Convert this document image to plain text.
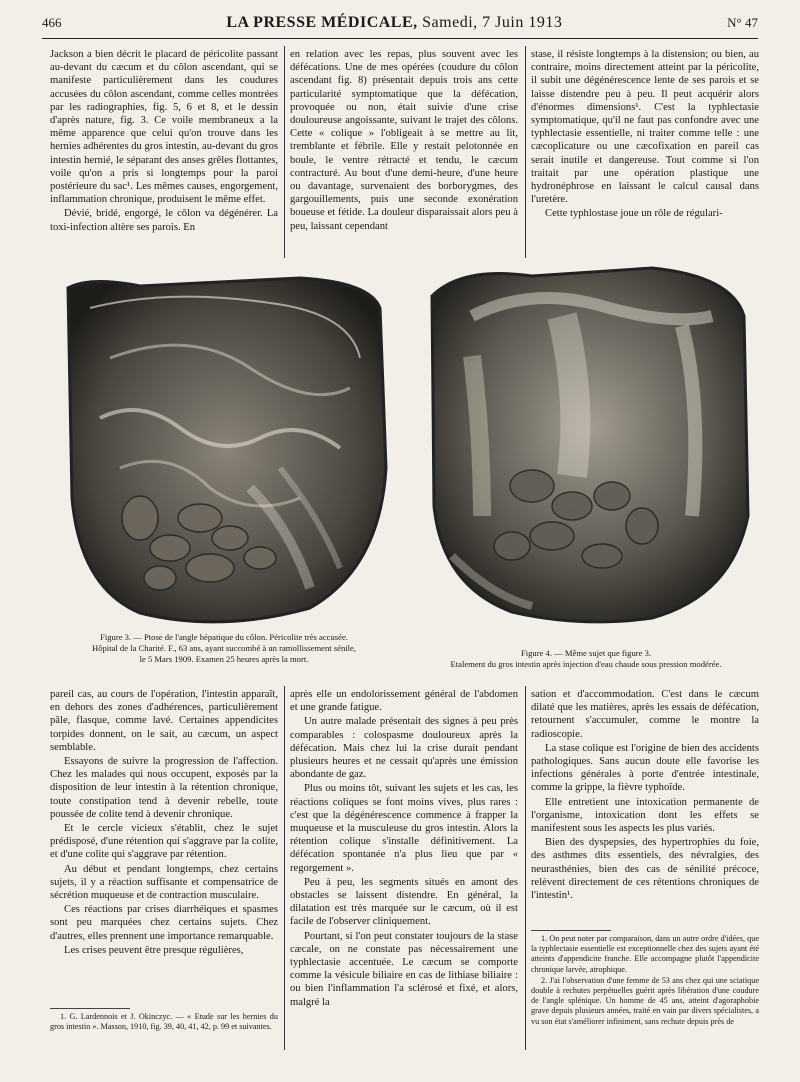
466	LA PRESSE MÉDICALE, Samedi, 7 Juin 1913	N° 47

Jackson a bien décrit le placard de péricolite passant au-devant du cæcum et du côlon ascendant, qui se manifeste particulièrement dans les coudures accusées du côlon ascendant, comme celles montrées par les radiographies, fig. 5, 6 et 8, et le dessin d'après nature, fig. 3. Ce voile membraneux a la même apparence que celui qu'on trouve dans les hernies adhérentes du gros intestin, au-devant du gros intestin hernié, le séparant des anses grêles flottantes, voile qu'on a pris si longtemps pour la paroi postérieure du sac¹. Les mêmes causes, engorgement, inflammation chronique, produisent le même effet.

Dévié, bridé, engorgé, le côlon va dégénérer. La toxi-infection altère ses parois. En

en relation avec les repas, plus souvent avec les défécations. Une de mes opérées (coudure du côlon ascendant fig. 8) présentait depuis trois ans cette particularité symptomatique que la défécation, provoquée ou non, était suivie d'une crise douloureuse angoissante, suivant le trajet des côlons. Cette « colique » l'obligeait à se mettre au lit, tremblante et fébrile. Elle y restait pelotonnée en boule, le ventre rétracté et tendu, le cæcum contracturé. Au bout d'une demi-heure, d'une heure ou davantage, survenaient des borborygmes, des gargouillements, puis une seconde exonération boueuse et fétide. La douleur disparaissait alors peu à peu, laissant cependant

stase, il résiste longtemps à la distension; ou bien, au contraire, moins directement atteint par la péricolite, il subit une dégénérescence lente de ses parois et se laisse distendre peu à peu. Il peut acquérir alors d'énormes dimensions¹. C'est la typhlectasie symptomatique, qu'il ne faut pas confondre avec une typhlectasie essentielle, ni traiter comme telle : une cæcoplicature ou une cæcofixation en pareil cas serait inutile et dangereuse. Tout comme si l'on traitait par une opération plastique une hydronéphrose en laissant le calcul causal dans l'uretère.

Cette typhlostase joue un rôle de régulari-

Figure 3. — Ptose de l'angle hépatique du côlon. Péricolite très accusée.
Hôpital de la Charité. F., 63 ans, ayant succombé à un ramollissement sénile,
le 5 Mars 1909. Examen 25 heures après la mort.
Figure 4. — Même sujet que figure 3.
Etalement du gros intestin après injection d'eau chaude sous pression modérée.

pareil cas, au cours de l'opération, l'intestin apparaît, en dehors des zones d'adhérences, particulièrement pâle, flasque, comme lavé. Certaines appendicites torpides donnent, on le sait, au cæcum, un aspect semblable.

Essayons de suivre la progression de l'affection. Chez les malades qui nous occupent, exposés par la disposition de leur intestin à la rétention chronique, toute constipation tend à devenir rebelle, toute poussée de colite tend à devenir chronique.

Et le cercle vicieux s'établit, chez le sujet prédisposé, d'une rétention qui s'aggrave par la colite, et d'une colite qui s'aggrave par rétention.

Au début et pendant longtemps, chez certains sujets, il y a réaction suffisante et compensatrice de sécrétion muqueuse et de contraction musculaire.

Ces réactions par crises diarrhéiques et spasmes sont peu marquées chez certains sujets. Chez d'autres, elles prennent une importance remarquable.

Les crises peuvent être presque régulières,

1. G. Lardennois et J. Okinczyc. — « Etude sur les hernies du gros intestin ». Masson, 1910, fig. 39, 40, 41, 42, p. 99 et suivantes.

après elle un endolorissement général de l'abdomen et une grande fatigue.

Un autre malade présentait des signes à peu près comparables : colospasme douloureux après la défécation. Mais chez lui la crise durait pendant plusieurs heures et ne cessait qu'après une émission abondante de gaz.

Plus ou moins tôt, suivant les sujets et les cas, les réactions coliques se font moins vives, plus rares : c'est que la dégénérescence commence à frapper la muqueuse et la musculeuse du gros intestin. Alors la rétention colique s'installe définitivement. La défécation spontanée n'a plus lieu que par « regorgement ».

Peu à peu, les segments situés en amont des obstacles se laissent distendre. En général, la dilatation est très marquée sur le cæcum, où il est facile de l'observer cliniquement.

Pourtant, si l'on peut constater toujours de la stase cæcale, on ne constate pas nécessairement une typhlectasie accentuée. Le cæcum se comporte comme la vésicule biliaire en cas de lithiase biliaire : ou bien l'inflammation l'a sclérosé et fixé, et alors, malgré la

sation et d'accommodation. C'est dans le cæcum dilaté que les matières, après les essais de défécation, retournent s'accumuler, comme le montre la radioscopie.

La stase colique est l'origine de bien des accidents pathologiques. Sans aucun doute elle favorise les infections générales à porte d'entrée intestinale, comme la grippe, la fièvre typhoïde.

Elle entretient une intoxication permanente de l'organisme, intoxication dont les effets se manifestent sous les aspects les plus variés.

Bien des dyspepsies, des hypertrophies du foie, des asthmes dits essentiels, des névralgies, des neurasthénies, bien des cas de sénilité précoce, relèvent directement de ces rétentions chroniques de l'intestin¹.

1. On peut noter par comparaison, dans un autre ordre d'idées, que la typhlectasie essentielle est exceptionnelle chez des sujets ayant été atteints d'appendicite franche. Elle accompagne plutôt l'appendicite chronique larvée, atrophique.

2. J'ai l'observation d'une femme de 53 ans chez qui une sciatique double à rechutes perpétuelles guérit après libération d'une coudure de l'angle splénique. Un homme de 45 ans, atteint d'agoraphobie grave depuis plusieurs années, traité en vain par divers spécialistes, a vu son état s'améliorer infiniment, sans rechute depuis près de
